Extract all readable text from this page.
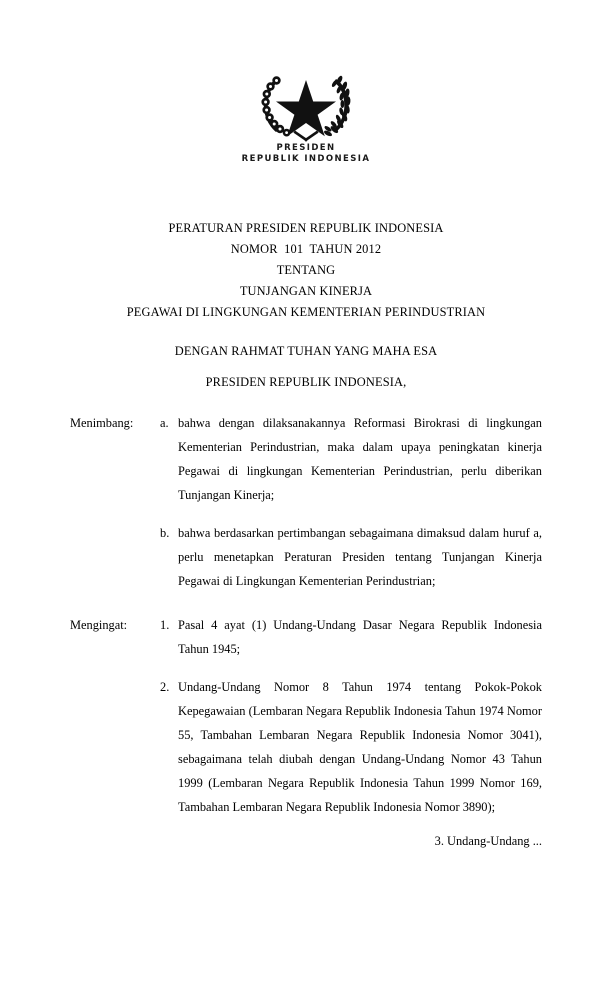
PRESIDEN
REPUBLIK INDONESIA
PERATURAN PRESIDEN REPUBLIK INDONESIA
NOMOR  101  TAHUN 2012
TENTANG
TUNJANGAN KINERJA
PEGAWAI DI LINGKUNGAN KEMENTERIAN PERINDUSTRIAN
DENGAN RAHMAT TUHAN YANG MAHA ESA
PRESIDEN REPUBLIK INDONESIA,
Menimbang:	a. bahwa dengan dilaksanakannya Reformasi Birokrasi di lingkungan Kementerian Perindustrian, maka dalam upaya peningkatan kinerja Pegawai di lingkungan Kementerian Perindustrian, perlu diberikan Tunjangan Kinerja;
b. bahwa berdasarkan pertimbangan sebagaimana dimaksud dalam huruf a, perlu menetapkan Peraturan Presiden tentang Tunjangan Kinerja Pegawai di Lingkungan Kementerian Perindustrian;
Mengingat:	1. Pasal 4 ayat (1) Undang-Undang Dasar Negara Republik Indonesia Tahun 1945;
2. Undang-Undang Nomor 8 Tahun 1974 tentang Pokok-Pokok Kepegawaian (Lembaran Negara Republik Indonesia Tahun 1974 Nomor 55, Tambahan Lembaran Negara Republik Indonesia Nomor 3041), sebagaimana telah diubah dengan Undang-Undang Nomor 43 Tahun 1999 (Lembaran Negara Republik Indonesia Tahun 1999 Nomor 169, Tambahan Lembaran Negara Republik Indonesia Nomor 3890);
3. Undang-Undang ...
